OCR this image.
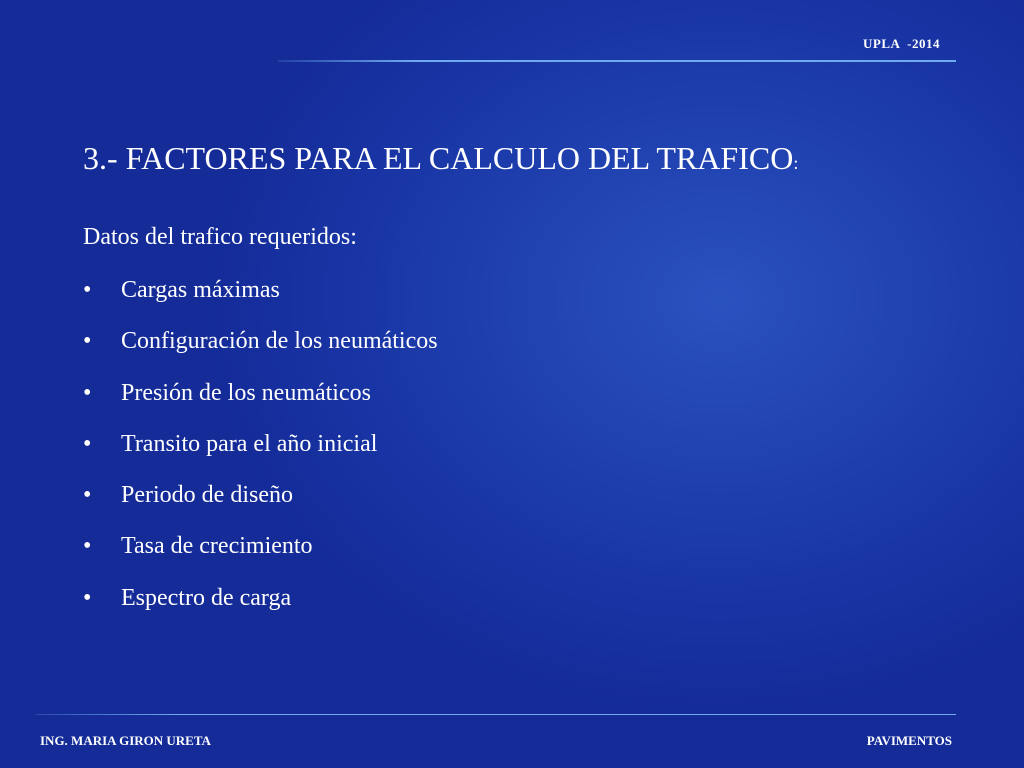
UPLA  -2014
3.- FACTORES PARA EL CALCULO DEL TRAFICO:
Datos del trafico requeridos:
•	Cargas máximas
•	Configuración de los neumáticos
•	Presión de los neumáticos
•	Transito para el año inicial
•	Periodo de diseño
•	Tasa de crecimiento
•	Espectro de carga
ING. MARIA GIRON URETA	PAVIMENTOS
